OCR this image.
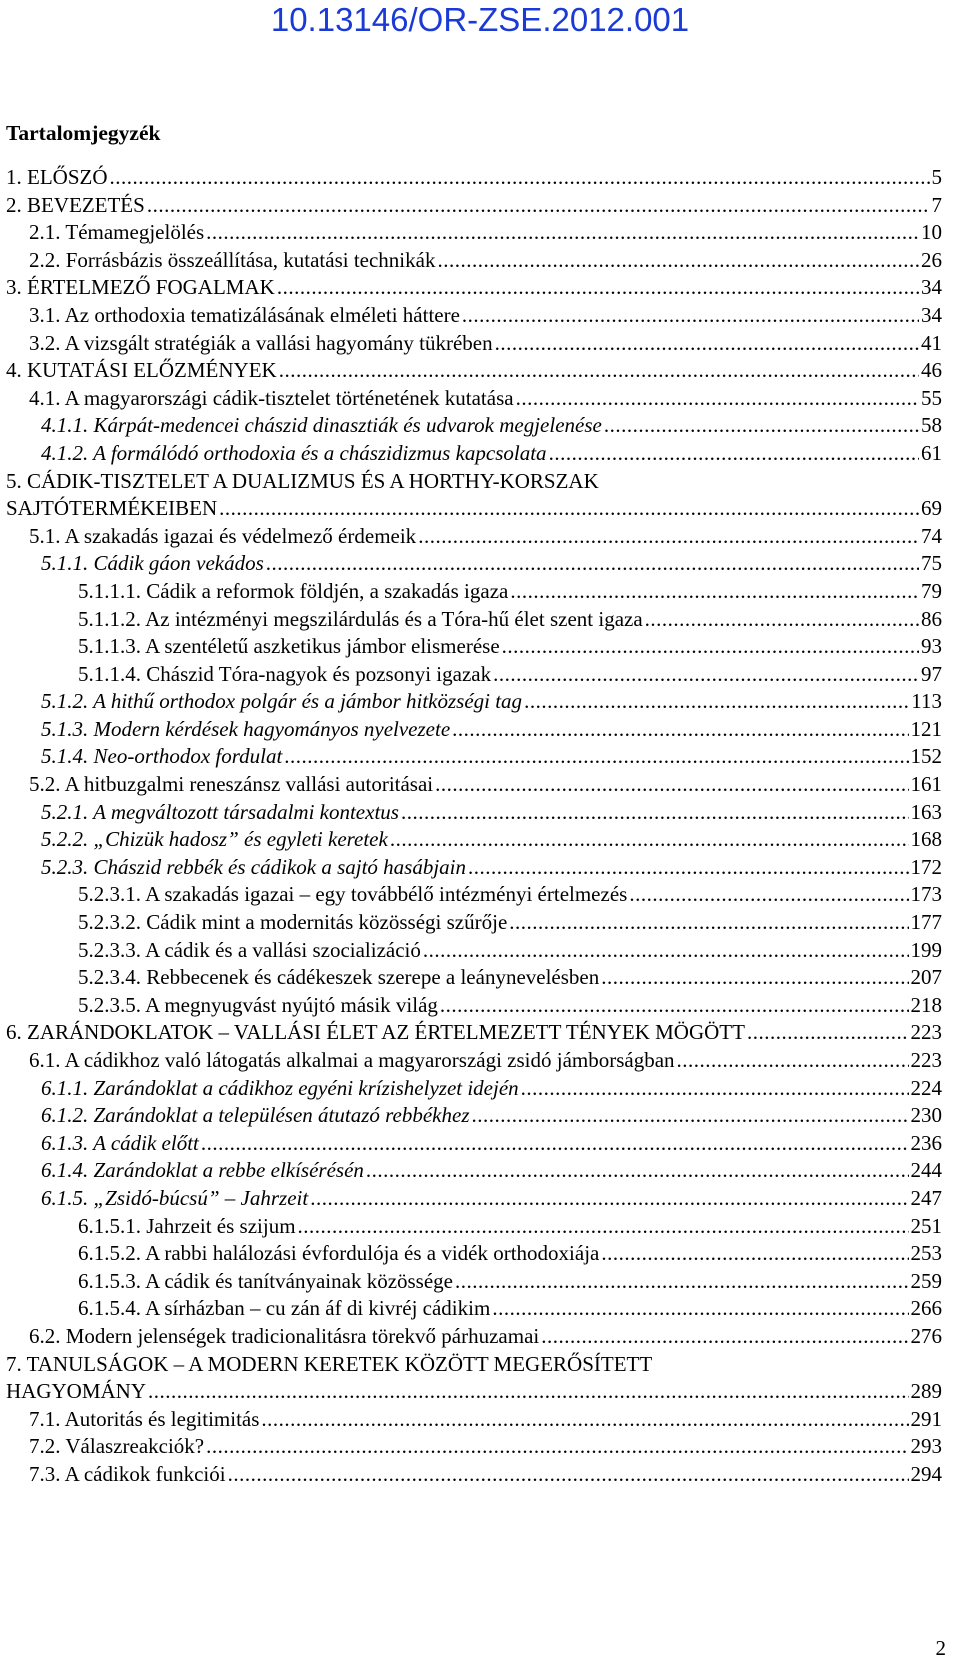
10.13146/OR-ZSE.2012.001
Tartalomjegyzék
1. ELŐSZÓ .....	5
2. BEVEZETÉS .....	7
2.1. Témamegjelölés .....	10
2.2. Forrásbázis összeállítása, kutatási technikák .....	26
3. ÉRTELMEZŐ FOGALMAK .....	34
3.1. Az orthodoxia tematizálásának elméleti háttere .....	34
3.2. A vizsgált stratégiák a vallási hagyomány tükrében .....	41
4. KUTATÁSI ELŐZMÉNYEK .....	46
4.1. A magyarországi cádik-tisztelet történetének kutatása .....	55
4.1.1. Kárpát-medencei chászid dinasztiák és udvarok megjelenése .....	58
4.1.2. A formálódó orthodoxia és a chászidizmus kapcsolata .....	61
5. CÁDIK-TISZTELET A DUALIZMUS ÉS A HORTHY-KORSZAK
SAJTÓTERMÉKEIBEN .....	69
5.1. A szakadás igazai és védelmező érdemeik .....	74
5.1.1. Cádik gáon vekádos .....	75
5.1.1.1. Cádik a reformok földjén, a szakadás igaza .....	79
5.1.1.2. Az intézményi megszilárdulás és a Tóra-hű élet szent igaza .....	86
5.1.1.3. A szentéletű aszketikus jámbor elismerése .....	93
5.1.1.4. Chászid Tóra-nagyok és pozsonyi igazak .....	97
5.1.2. A hithű orthodox polgár és a jámbor hitközségi tag .....	113
5.1.3. Modern kérdések hagyományos nyelvezete .....	121
5.1.4. Neo-orthodox fordulat .....	152
5.2. A hitbuzgalmi reneszánsz vallási autoritásai .....	161
5.2.1. A megváltozott társadalmi kontextus .....	163
5.2.2. „Chizük hadosz” és egyleti keretek .....	168
5.2.3. Chászid rebbék és cádikok a sajtó hasábjain .....	172
5.2.3.1. A szakadás igazai – egy továbbélő intézményi értelmezés .....	173
5.2.3.2. Cádik mint a modernitás közösségi szűrője .....	177
5.2.3.3. A cádik és a vallási szocializáció .....	199
5.2.3.4. Rebbecenek és cádékeszek szerepe a leánynevelésben .....	207
5.2.3.5. A megnyugvást nyújtó másik világ .....	218
6. ZARÁNDOKLATOK – VALLÁSI ÉLET AZ ÉRTELMEZETT TÉNYEK MÖGÖTT .....	223
6.1. A cádikhoz való látogatás alkalmai a magyarországi zsidó jámborságban .....	223
6.1.1. Zarándoklat a cádikhoz egyéni krízishelyzet idején .....	224
6.1.2. Zarándoklat a településen átutazó rebbékhez .....	230
6.1.3. A cádik előtt .....	236
6.1.4. Zarándoklat a rebbe elkísérésén .....	244
6.1.5. „Zsidó-búcsú” – Jahrzeit .....	247
6.1.5.1. Jahrzeit és szijum .....	251
6.1.5.2. A rabbi halálozási évfordulója és a vidék orthodoxiája .....	253
6.1.5.3. A cádik és tanítványainak közössége .....	259
6.1.5.4. A sírházban – cu zán áf di kivréj cádikim .....	266
6.2. Modern jelenségek tradicionalitásra törekvő párhuzamai .....	276
7. TANULSÁGOK – A MODERN KERETEK KÖZÖTT MEGERŐSÍTETT
HAGYOMÁNY .....	289
7.1. Autoritás és legitimitás .....	291
7.2. Válaszreakciók? .....	293
7.3. A cádikok funkciói .....	294
2
